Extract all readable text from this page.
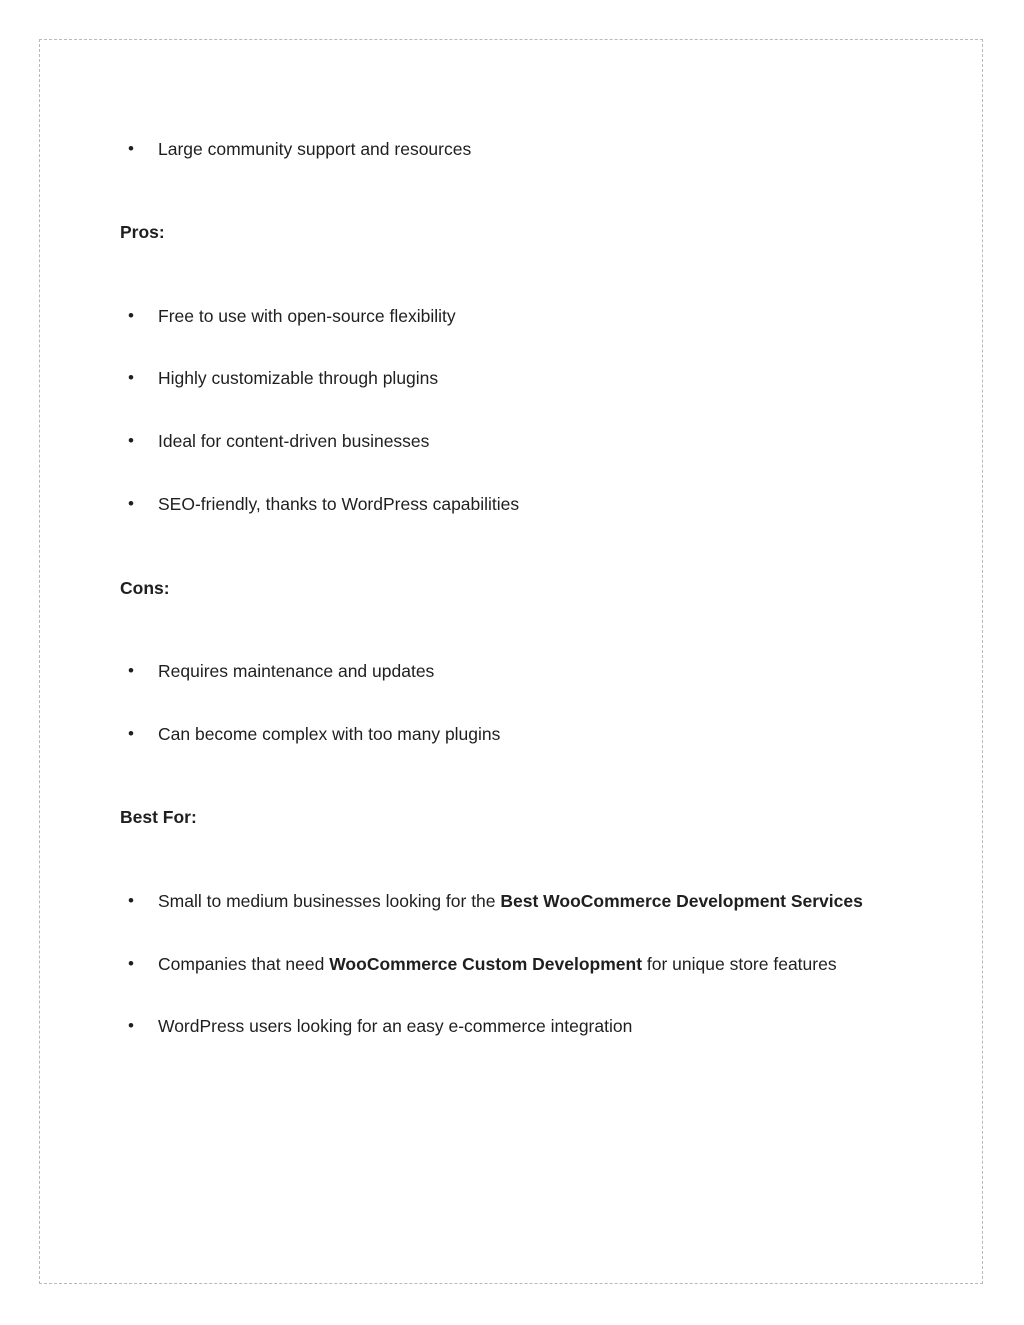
• Large community support and resources
Pros:
• Free to use with open-source flexibility
• Highly customizable through plugins
• Ideal for content-driven businesses
• SEO-friendly, thanks to WordPress capabilities
Cons:
• Requires maintenance and updates
• Can become complex with too many plugins
Best For:
• Small to medium businesses looking for the Best WooCommerce Development Services
• Companies that need WooCommerce Custom Development for unique store features
• WordPress users looking for an easy e-commerce integration
